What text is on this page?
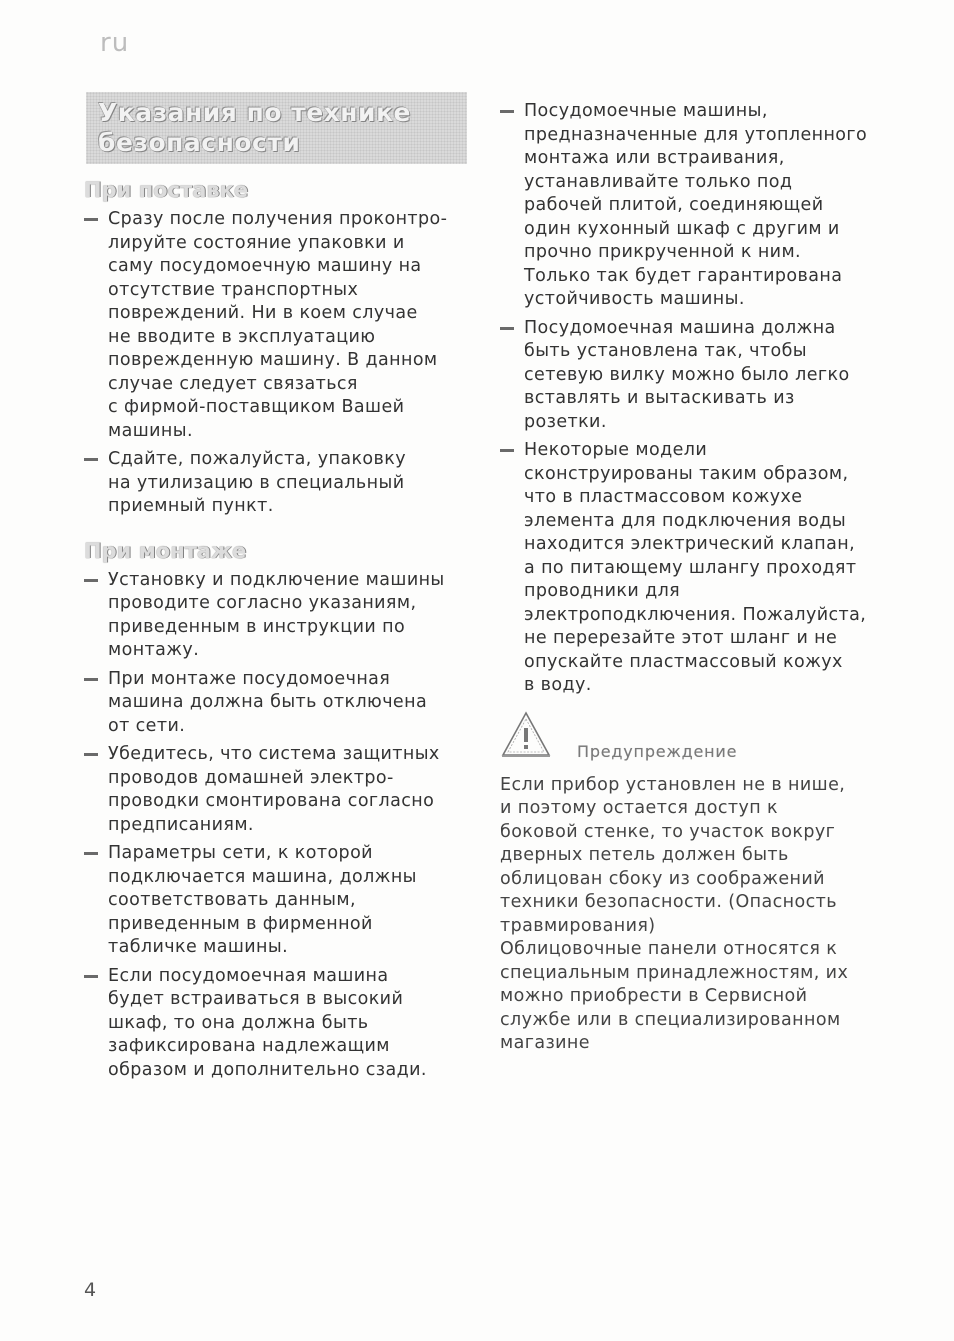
ru
Указания по технике
безопасности
При поставке
Сразу после получения проконтро-
лируйте состояние упаковки и
саму посудомоечную машину на
отсутствие транспортных
повреждений. Ни в коем случае
не вводите в эксплуатацию
поврежденную машину. В данном
случае следует связаться
с фирмой-поставщиком Вашей
машины.
Сдайте, пожалуйста, упаковку
на утилизацию в специальный
приемный пункт.
При монтаже
Установку и подключение машины
проводите согласно указаниям,
приведенным в инструкции по
монтажу.
При монтаже посудомоечная
машина должна быть отключена
от сети.
Убедитесь, что система защитных
проводов домашней электро-
проводки смонтирована согласно
предписаниям.
Параметры сети, к которой
подключается машина, должны
соответствовать данным,
приведенным в фирменной
табличке машины.
Если посудомоечная машина
будет встраиваться в высокий
шкаф, то она должна быть
зафиксирована надлежащим
образом и дополнительно сзади.
Посудомоечные машины,
предназначенные для утопленного
монтажа или встраивания,
устанавливайте только под
рабочей плитой, соединяющей
один кухонный шкаф с другим и
прочно прикрученной к ним.
Только так будет гарантирована
устойчивость машины.
Посудомоечная машина должна
быть установлена так, чтобы
сетевую вилку можно было легко
вставлять и вытаскивать из
розетки.
Некоторые модели
сконструированы таким образом,
что в пластмассовом кожухе
элемента для подключения воды
находится электрический клапан,
а по питающему шлангу проходят
проводники для
электроподключения. Пожалуйста,
не перерезайте этот шланг и не
опускайте пластмассовый кожух
в воду.
Предупреждение
Если прибор установлен не в нише,
и поэтому остается доступ к
боковой стенке, то участок вокруг
дверных петель должен быть
облицован сбоку из соображений
техники безопасности. (Опасность
травмирования)
Облицовочные панели относятся к
специальным принадлежностям, их
можно приобрести в Сервисной
службе или в специализированном
магазине
4
